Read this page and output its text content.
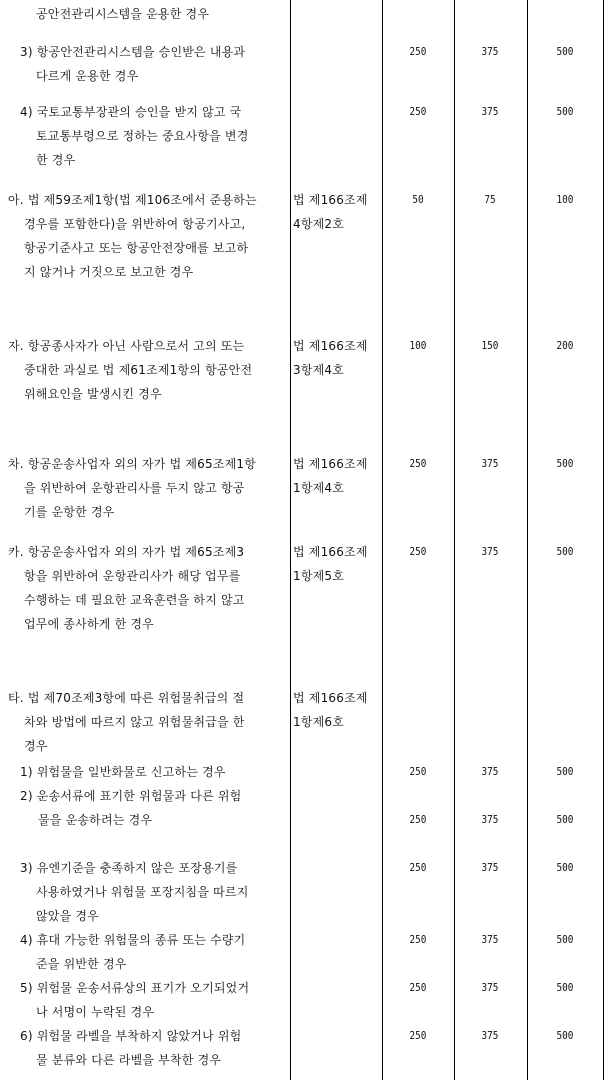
공안전관리시스템을 운용한 경우
3) 항공안전관리시스템을 승인받은 내용과
다르게 운용한 경우
250	375	500
4) 국토교통부장관의 승인을 받지 않고 국
토교통부령으로 정하는 중요사항을 변경
한 경우
250	375	500
아. 법 제59조제1항(법 제106조에서 준용하는
경우를 포함한다)을 위반하여 항공기사고,
항공기준사고 또는 항공안전장애를 보고하
지 않거나 거짓으로 보고한 경우
법 제166조제
4항제2호
50	75	100
자. 항공종사자가 아닌 사람으로서 고의 또는
중대한 과실로 법 제61조제1항의 항공안전
위해요인을 발생시킨 경우
법 제166조제
3항제4호
100	150	200
차. 항공운송사업자 외의 자가 법 제65조제1항
을 위반하여 운항관리사를 두지 않고 항공
기를 운항한 경우
법 제166조제
1항제4호
250	375	500
카. 항공운송사업자 외의 자가 법 제65조제3
항을 위반하여 운항관리사가 해당 업무를
수행하는 데 필요한 교육훈련을 하지 않고
업무에 종사하게 한 경우
법 제166조제
1항제5호
250	375	500
타. 법 제70조제3항에 따른 위험물취급의 절
차와 방법에 따르지 않고 위험물취급을 한
경우
법 제166조제
1항제6호
1) 위험물을 일반화물로 신고하는 경우	250	375	500
2) 운송서류에 표기한 위험물과 다른 위험
물을 운송하려는 경우	250	375	500
3) 유엔기준을 충족하지 않은 포장용기를
사용하였거나 위험물 포장지침을 따르지
않았을 경우
250	375	500
4) 휴대 가능한 위험물의 종류 또는 수량기
준을 위반한 경우
250	375	500
5) 위험물 운송서류상의 표기가 오기되었거
나 서명이 누락된 경우
250	375	500
6) 위험물 라벨을 부착하지 않았거나 위험
물 분류와 다른 라벨을 부착한 경우
250	375	500
